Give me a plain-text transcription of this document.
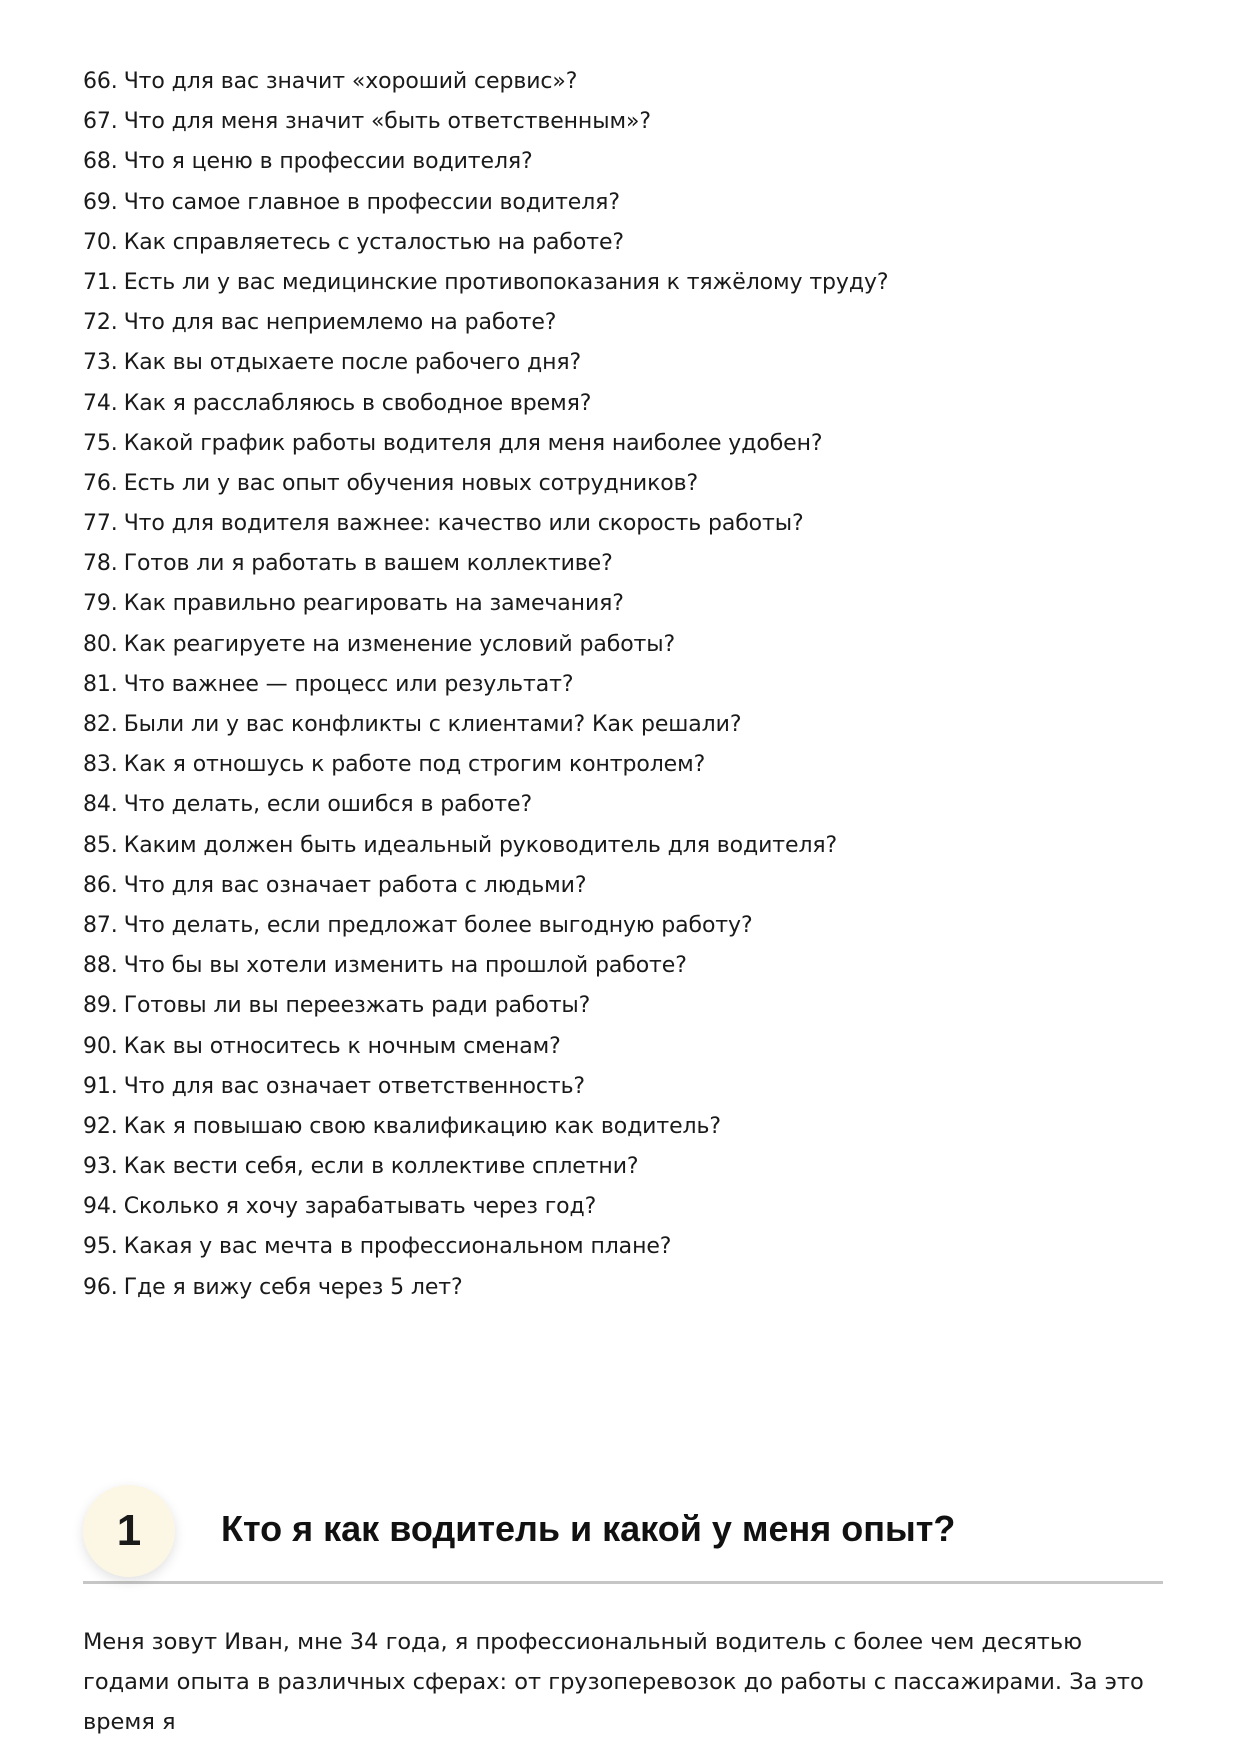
66. Что для вас значит «хороший сервис»?
67. Что для меня значит «быть ответственным»?
68. Что я ценю в профессии водителя?
69. Что самое главное в профессии водителя?
70. Как справляетесь с усталостью на работе?
71. Есть ли у вас медицинские противопоказания к тяжёлому труду?
72. Что для вас неприемлемо на работе?
73. Как вы отдыхаете после рабочего дня?
74. Как я расслабляюсь в свободное время?
75. Какой график работы водителя для меня наиболее удобен?
76. Есть ли у вас опыт обучения новых сотрудников?
77. Что для водителя важнее: качество или скорость работы?
78. Готов ли я работать в вашем коллективе?
79. Как правильно реагировать на замечания?
80. Как реагируете на изменение условий работы?
81. Что важнее — процесс или результат?
82. Были ли у вас конфликты с клиентами? Как решали?
83. Как я отношусь к работе под строгим контролем?
84. Что делать, если ошибся в работе?
85. Каким должен быть идеальный руководитель для водителя?
86. Что для вас означает работа с людьми?
87. Что делать, если предложат более выгодную работу?
88. Что бы вы хотели изменить на прошлой работе?
89. Готовы ли вы переезжать ради работы?
90. Как вы относитесь к ночным сменам?
91. Что для вас означает ответственность?
92. Как я повышаю свою квалификацию как водитель?
93. Как вести себя, если в коллективе сплетни?
94. Сколько я хочу зарабатывать через год?
95. Какая у вас мечта в профессиональном плане?
96. Где я вижу себя через 5 лет?
1	Кто я как водитель и какой у меня опыт?

Меня зовут Иван, мне 34 года, я профессиональный водитель с более чем десятью годами опыта в различных сферах: от грузоперевозок до работы с пассажирами. За это время я
